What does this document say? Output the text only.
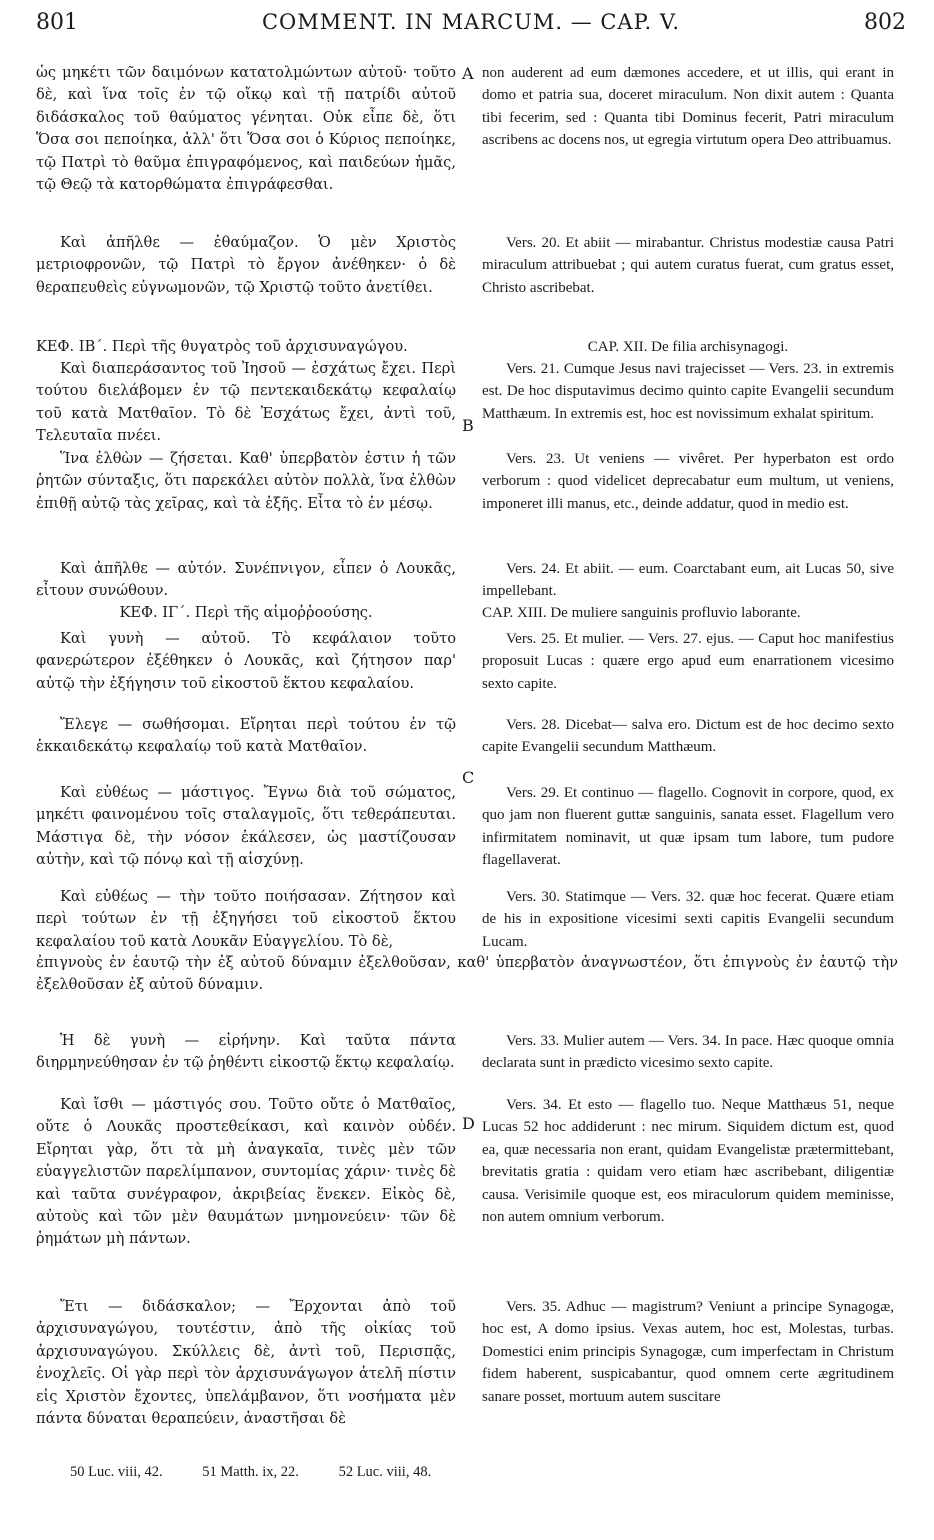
801	COMMENT. IN MARCUM. — CAP. V.	802
ὡς μηκέτι τῶν δαιμόνων κατατολμώντων αὐτοῦ· τοῦτο δὲ, καὶ ἵνα τοῖς ἐν τῷ οἴκῳ καὶ τῇ πατρίδι αὐτοῦ διδάσκαλος τοῦ θαύματος γένηται. Οὐκ εἶπε δὲ, ὅτι Ὅσα σοι πεποίηκα, ἀλλ' ὅτι Ὅσα σοι ὁ Κύριος πεποίηκε, τῷ Πατρὶ τὸ θαῦμα ἐπιγραφόμενος, καὶ παιδεύων ἡμᾶς, τῷ Θεῷ τὰ κατορθώματα ἐπιγράφεσθαι.
Καὶ ἀπῆλθε — ἐθαύμαζον. Ὁ μὲν Χριστὸς μετριοφρονῶν, τῷ Πατρὶ τὸ ἔργον ἀνέθηκεν· ὁ δὲ θεραπευθεὶς εὐγνωμονῶν, τῷ Χριστῷ τοῦτο ἀνετίθει.
ΚΕΦ. ΙΒ΄. Περὶ τῆς θυγατρὸς τοῦ ἀρχισυναγώγου.
Καὶ διαπεράσαντος τοῦ Ἰησοῦ — ἐσχάτως ἔχει. Περὶ τούτου διελάβομεν ἐν τῷ πεντεκαιδεκάτῳ κεφαλαίῳ τοῦ κατὰ Ματθαῖον. Τὸ δὲ Ἐσχάτως ἔχει, ἀντὶ τοῦ, Τελευταῖα πνέει.
Ἵνα ἐλθὼν — ζήσεται. Καθ' ὑπερβατὸν ἐστιν ἡ τῶν ῥητῶν σύνταξις, ὅτι παρεκάλει αὐτὸν πολλὰ, ἵνα ἐλθὼν ἐπιθῇ αὐτῷ τὰς χεῖρας, καὶ τὰ ἑξῆς. Εἶτα τὸ ἐν μέσῳ.
Καὶ ἀπῆλθε — αὐτόν. Συνέπνιγον, εἶπεν ὁ Λουκᾶς, εἶτουν συνώθουν.
ΚΕΦ. ΙΓ΄. Περὶ τῆς αἱμοῤῥοούσης.
Καὶ γυνὴ — αὐτοῦ. Τὸ κεφάλαιον τοῦτο φανερώτερον ἐξέθηκεν ὁ Λουκᾶς, καὶ ζήτησον παρ' αὐτῷ τὴν ἐξήγησιν τοῦ εἰκοστοῦ ἕκτου κεφαλαίου.
Ἔλεγε — σωθήσομαι. Εἴρηται περὶ τούτου ἐν τῷ ἑκκαιδεκάτῳ κεφαλαίῳ τοῦ κατὰ Ματθαῖον.
Καὶ εὐθέως — μάστιγος. Ἔγνω διὰ τοῦ σώματος, μηκέτι φαινομένου τοῖς σταλαγμοῖς, ὅτι τεθεράπευται. Μάστιγα δὲ, τὴν νόσον ἐκάλεσεν, ὡς μαστίζουσαν αὐτὴν, καὶ τῷ πόνῳ καὶ τῇ αἰσχύνῃ.
Καὶ εὐθέως — τὴν τοῦτο ποιήσασαν. Ζήτησον καὶ περὶ τούτων ἐν τῇ ἐξηγήσει τοῦ εἰκοστοῦ ἕκτου κεφαλαίου τοῦ κατὰ Λουκᾶν Εὐαγγελίου. Τὸ δὲ,
Ἡ δὲ γυνὴ — εἰρήνην. Καὶ ταῦτα πάντα διηρμηνεύθησαν ἐν τῷ ῥηθέντι εἰκοστῷ ἕκτῳ κεφαλαίῳ.
Καὶ ἴσθι — μάστιγός σου. Τοῦτο οὔτε ὁ Ματθαῖος, οὔτε ὁ Λουκᾶς προστεθείκασι, καὶ καινὸν οὐδέν. Εἴρηται γὰρ, ὅτι τὰ μὴ ἀναγκαῖα, τινὲς μὲν τῶν εὐαγγελιστῶν παρελίμπανον, συντομίας χάριν· τινὲς δὲ καὶ ταῦτα συνέγραφον, ἀκριβείας ἕνεκεν. Εἰκὸς δὲ, αὐτοὺς καὶ τῶν μὲν θαυμάτων μνημονεύειν· τῶν δὲ ῥημάτων μὴ πάντων.
Ἔτι — διδάσκαλον; — Ἔρχονται ἀπὸ τοῦ ἀρχισυναγώγου, τουτέστιν, ἀπὸ τῆς οἰκίας τοῦ ἀρχισυναγώγου. Σκύλλεις δὲ, ἀντὶ τοῦ, Περισπᾷς, ἐνοχλεῖς. Οἱ γὰρ περὶ τὸν ἀρχισυνάγωγον ἀτελῆ πίστιν εἰς Χριστὸν ἔχοντες, ὑπελάμβανον, ὅτι νοσήματα μὲν πάντα δύναται θεραπεύειν, ἀναστῆσαι δὲ
non auderent ad eum dæmones accedere, et ut illis, qui erant in domo et patria sua, doceret miraculum. Non dixit autem : Quanta tibi fecerim, sed : Quanta tibi Dominus fecerit, Patri miraculum ascribens ac docens nos, ut egregia virtutum opera Deo attribuamus.
Vers. 20. Et abiit — mirabantur. Christus modestiæ causa Patri miraculum attribuebat ; qui autem curatus fuerat, cum gratus esset, Christo ascribebat.
CAP. XII. De filia archisynagogi.
Vers. 21. Cumque Jesus navi trajecisset — Vers. 23. in extremis est. De hoc disputavimus decimo quinto capite Evangelii secundum Matthæum. In extremis est, hoc est novissimum exhalat spiritum.
Vers. 23. Ut veniens — vivêret. Per hyperbaton est ordo verborum : quod videlicet deprecabatur eum multum, ut veniens, imponeret illi manus, etc., deinde addatur, quod in medio est.
Vers. 24. Et abiit. — eum. Coarctabant eum, ait Lucas 50, sive impellebant.
CAP. XIII. De muliere sanguinis profluvio laborante.
Vers. 25. Et mulier. — Vers. 27. ejus. — Caput hoc manifestius proposuit Lucas : quære ergo apud eum enarrationem vicesimo sexto capite.
Vers. 28. Dicebat— salva ero. Dictum est de hoc decimo sexto capite Evangelii secundum Matthæum.
Vers. 29. Et continuo — flagello. Cognovit in corpore, quod, ex quo jam non fluerent guttæ sanguinis, sanata esset. Flagellum vero infirmitatem nominavit, ut quæ ipsam tum labore, tum pudore flagellaverat.
Vers. 30. Statimque — Vers. 32. quæ hoc fecerat. Quære etiam de his in expositione vicesimi sexti capitis Evangelii secundum Lucam.
Vers. 33. Mulier autem — Vers. 34. In pace. Hæc quoque omnia declarata sunt in prædicto vicesimo sexto capite.
Vers. 34. Et esto — flagello tuo. Neque Matthæus 51, neque Lucas 52 hoc addiderunt : nec mirum. Siquidem dictum est, quod ea, quæ necessaria non erant, quidam Evangelistæ prætermittebant, brevitatis gratia : quidam vero etiam hæc ascribebant, diligentiæ causa. Verisimile quoque est, eos miraculorum quidem meminisse, non autem omnium verborum.
Vers. 35. Adhuc — magistrum? Veniunt a principe Synagogæ, hoc est, A domo ipsius. Vexas autem, hoc est, Molestas, turbas. Domestici enim principis Synagogæ, cum imperfectam in Christum fidem haberent, suspicabantur, quod omnem certe ægritudinem sanare posset, mortuum autem suscitare
ἐπιγνοὺς ἐν ἑαυτῷ τὴν ἐξ αὐτοῦ δύναμιν ἐξελθοῦσαν, καθ' ὑπερβατὸν ἀναγνωστέον, ὅτι ἐπιγνοὺς ἐν ἑαυτῷ τὴν ἐξελθοῦσαν ἐξ αὐτοῦ δύναμιν.
A
B
C
D
50 Luc. viii, 42.	51 Matth. ix, 22.	52 Luc. viii, 48.
